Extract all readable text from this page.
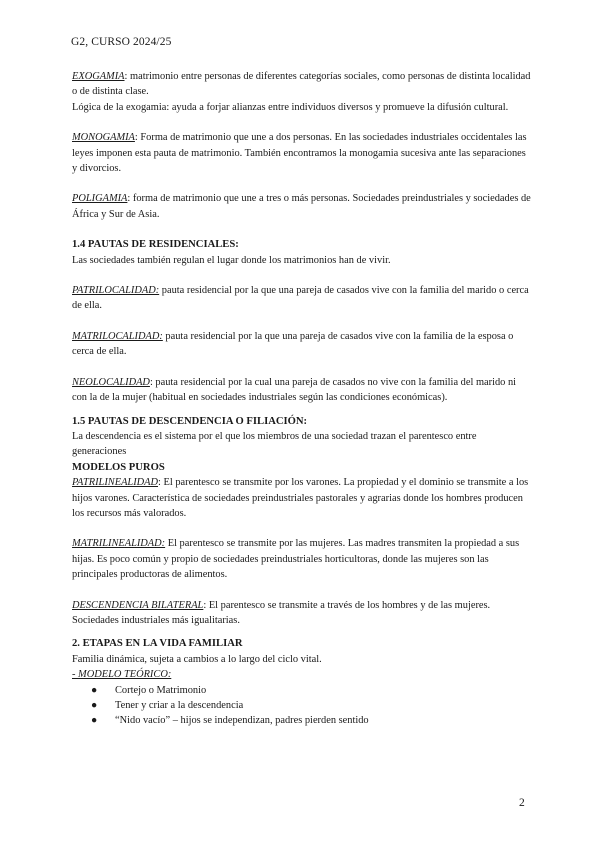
G2, CURSO 2024/25

EXOGAMIA: matrimonio entre personas de diferentes categorías sociales, como personas de distinta localidad o de distinta clase.

Lógica de la exogamia: ayuda a forjar alianzas entre individuos diversos y promueve la difusión cultural.

MONOGAMIA: Forma de matrimonio que une a dos personas. En las sociedades industriales occidentales las leyes imponen esta pauta de matrimonio. También encontramos la monogamia sucesiva ante las separaciones y divorcios.

POLIGAMIA: forma de matrimonio que une a tres o más personas. Sociedades preindustriales y sociedades de África y Sur de Asia.

1.4 PAUTAS DE RESIDENCIALES:

Las sociedades también regulan el lugar donde los matrimonios han de vivir.

PATRILOCALIDAD: pauta residencial por la que una pareja de casados vive con la familia del marido o cerca de ella.

MATRILOCALIDAD: pauta residencial por la que una pareja de casados vive con la familia de la esposa o cerca de ella.

NEOLOCALIDAD: pauta residencial por la cual una pareja de casados no vive con la familia del marido ni con la de la mujer (habitual en sociedades industriales según las condiciones económicas).

1.5 PAUTAS DE DESCENDENCIA O FILIACIÓN:

La descendencia es el sistema por el que los miembros de una sociedad trazan el parentesco entre generaciones

MODELOS PUROS

PATRILINEALIDAD: El parentesco se transmite por los varones. La propiedad y el dominio se transmite a los hijos varones. Característica de sociedades preindustriales pastorales y agrarias donde los hombres producen los recursos más valorados.

MATRILINEALIDAD: El parentesco se transmite por las mujeres. Las madres transmiten la propiedad a sus hijas. Es poco común y propio de sociedades preindustriales horticultoras, donde las mujeres son las principales productoras de alimentos.

DESCENDENCIA BILATERAL: El parentesco se transmite a través de los hombres y de las mujeres. Sociedades industriales más igualitarias.

2. ETAPAS EN LA VIDA FAMILIAR

Familia dinámica, sujeta a cambios a lo largo del ciclo vital.

- MODELO TEÓRICO:

● Cortejo o Matrimonio
● Tener y criar a la descendencia
● “Nido vacío” – hijos se independizan, padres pierden sentido
2
